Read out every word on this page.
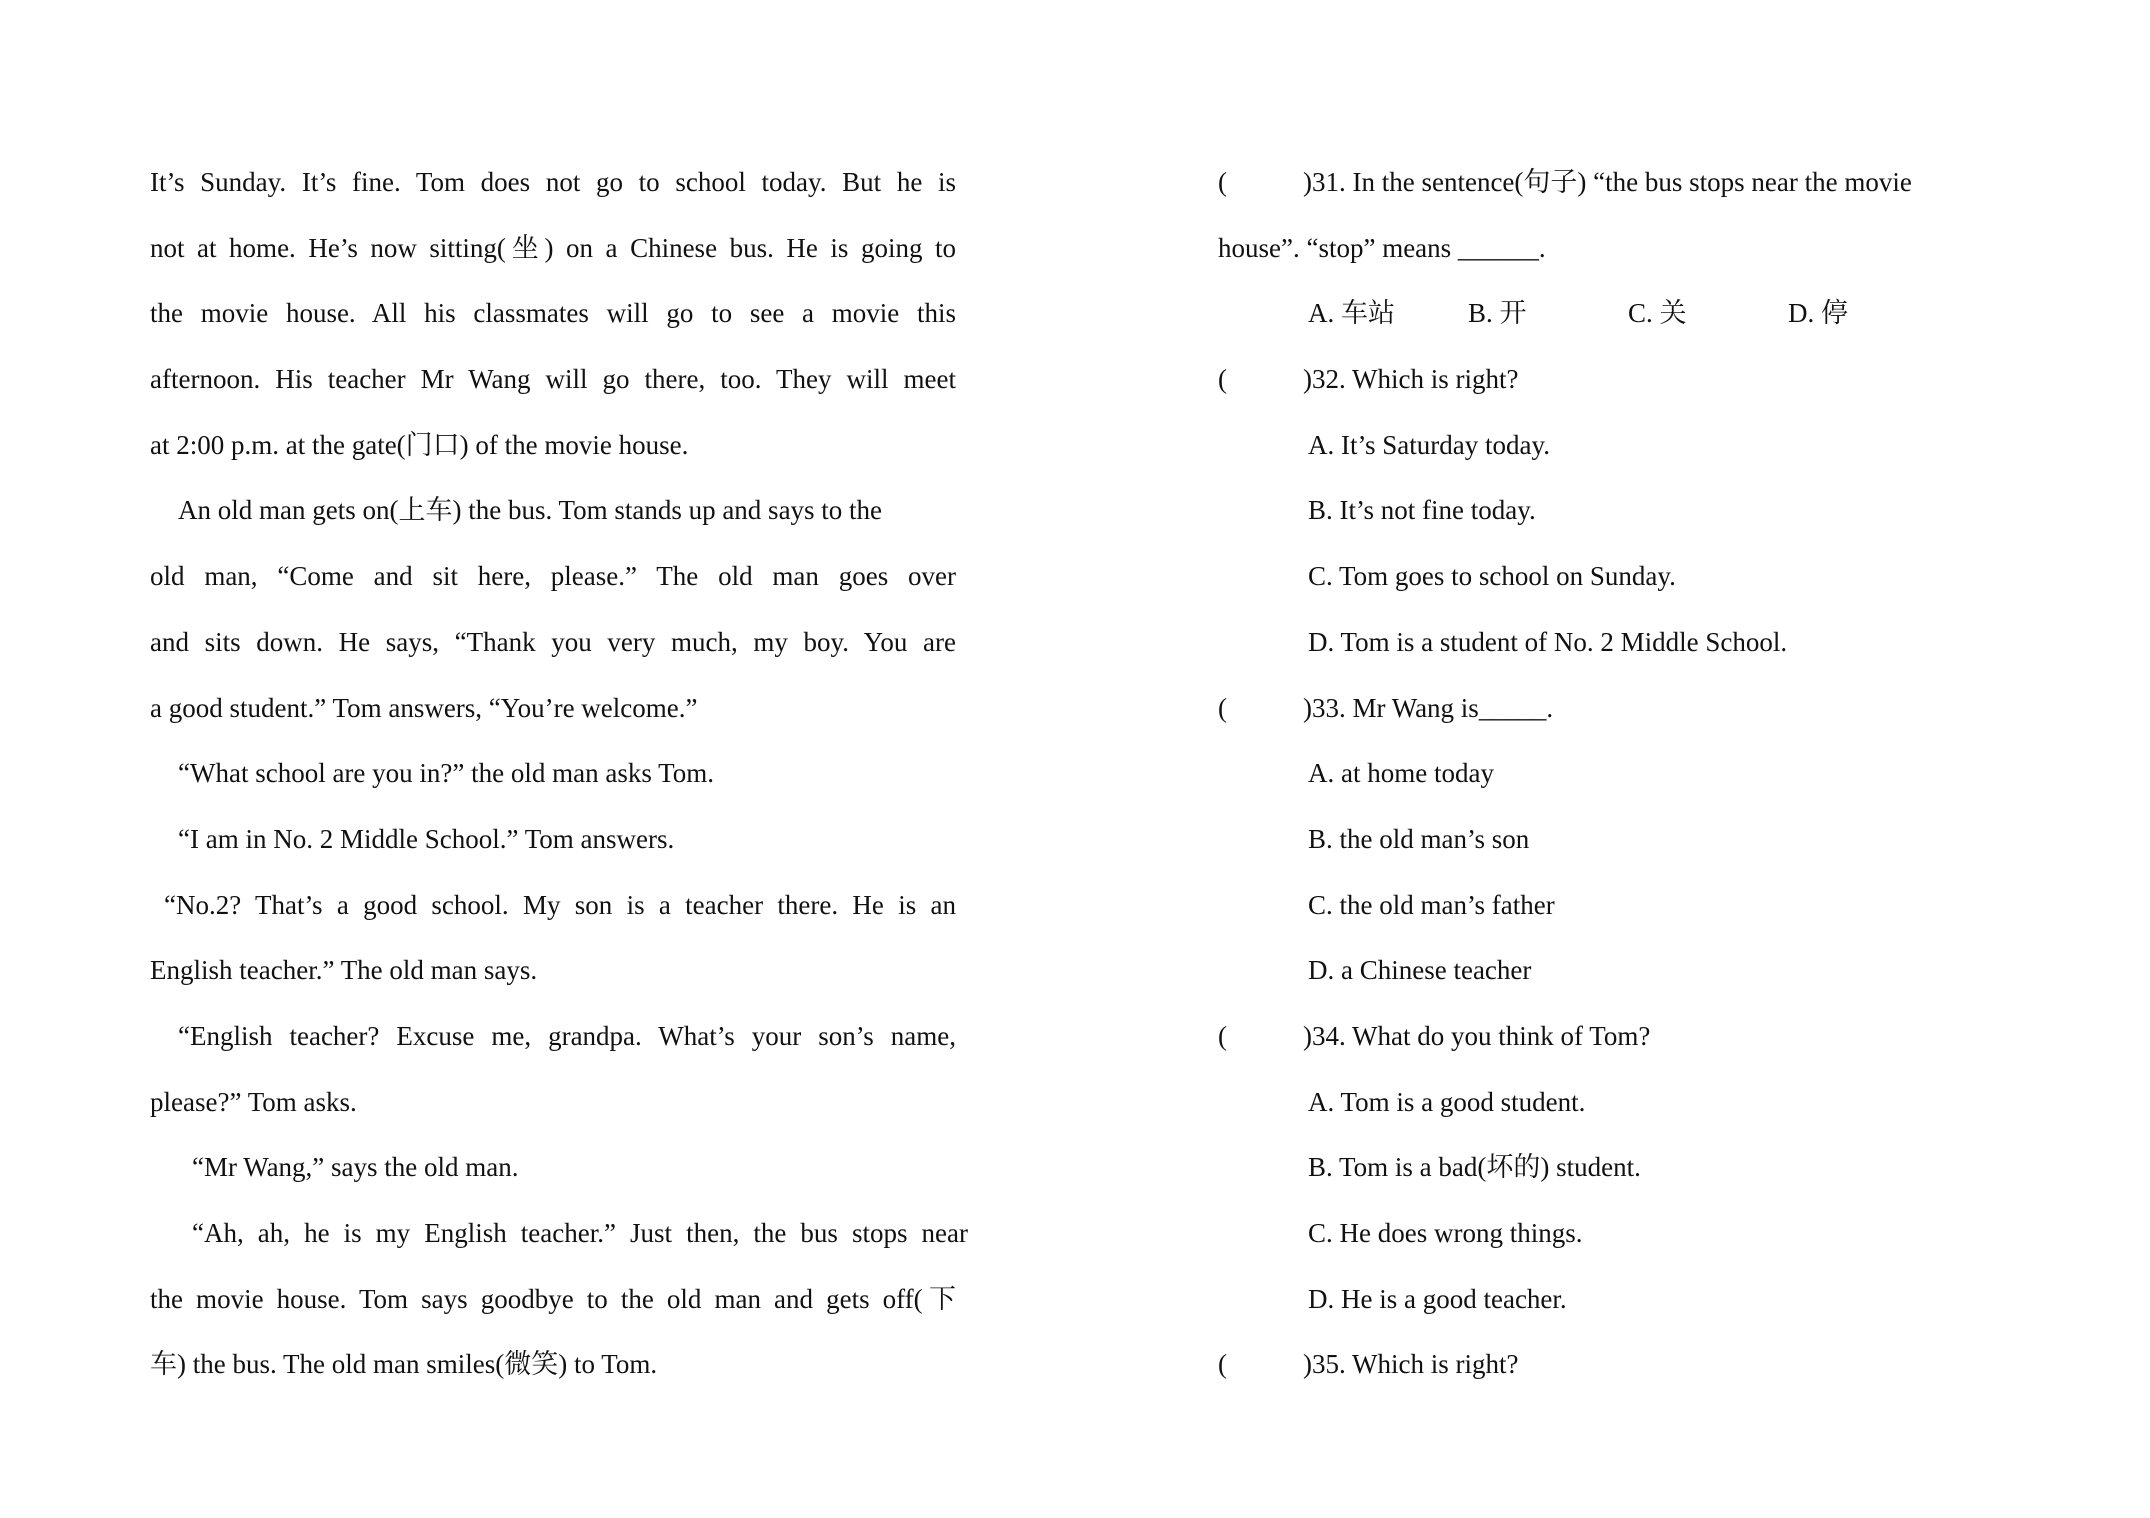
It’s Sunday. It’s fine. Tom does not go to school today. But he is
not at home. He’s now sitting(坐) on a Chinese bus. He is going to
the movie house. All his classmates will go to see a movie this
afternoon. His teacher Mr Wang will go there, too. They will meet
at 2:00 p.m. at the gate(门口) of the movie house.
An old man gets on(上车) the bus. Tom stands up and says to the
old man, “Come and sit here, please.” The old man goes over
and sits down. He says, “Thank you very much, my boy. You are
a good student.” Tom answers, “You’re welcome.”
“What school are you in?” the old man asks Tom.
“I am in No. 2 Middle School.” Tom answers.
“No.2? That’s a good school. My son is a teacher there. He is an
English teacher.” The old man says.
“English teacher? Excuse me, grandpa. What’s your son’s name,
please?” Tom asks.
“Mr Wang,” says the old man.
“Ah, ah, he is my English teacher.” Just then, the bus stops near
the movie house. Tom says goodbye to the old man and gets off(下
车) the bus. The old man smiles(微笑) to Tom.
(	)31. In the sentence(句子) “the bus stops near the movie
house”. “stop” means ______.
A. 车站	B. 开	C. 关	D. 停
(	)32. Which is right?
A. It’s Saturday today.
B. It’s not fine today.
C. Tom goes to school on Sunday.
D. Tom is a student of No. 2 Middle School.
(	)33. Mr Wang is_____.
A. at home today
B. the old man’s son
C. the old man’s father
D. a Chinese teacher
(	)34. What do you think of Tom?
A. Tom is a good student.
B. Tom is a bad(坏的) student.
C. He does wrong things.
D. He is a good teacher.
(	)35. Which is right?
